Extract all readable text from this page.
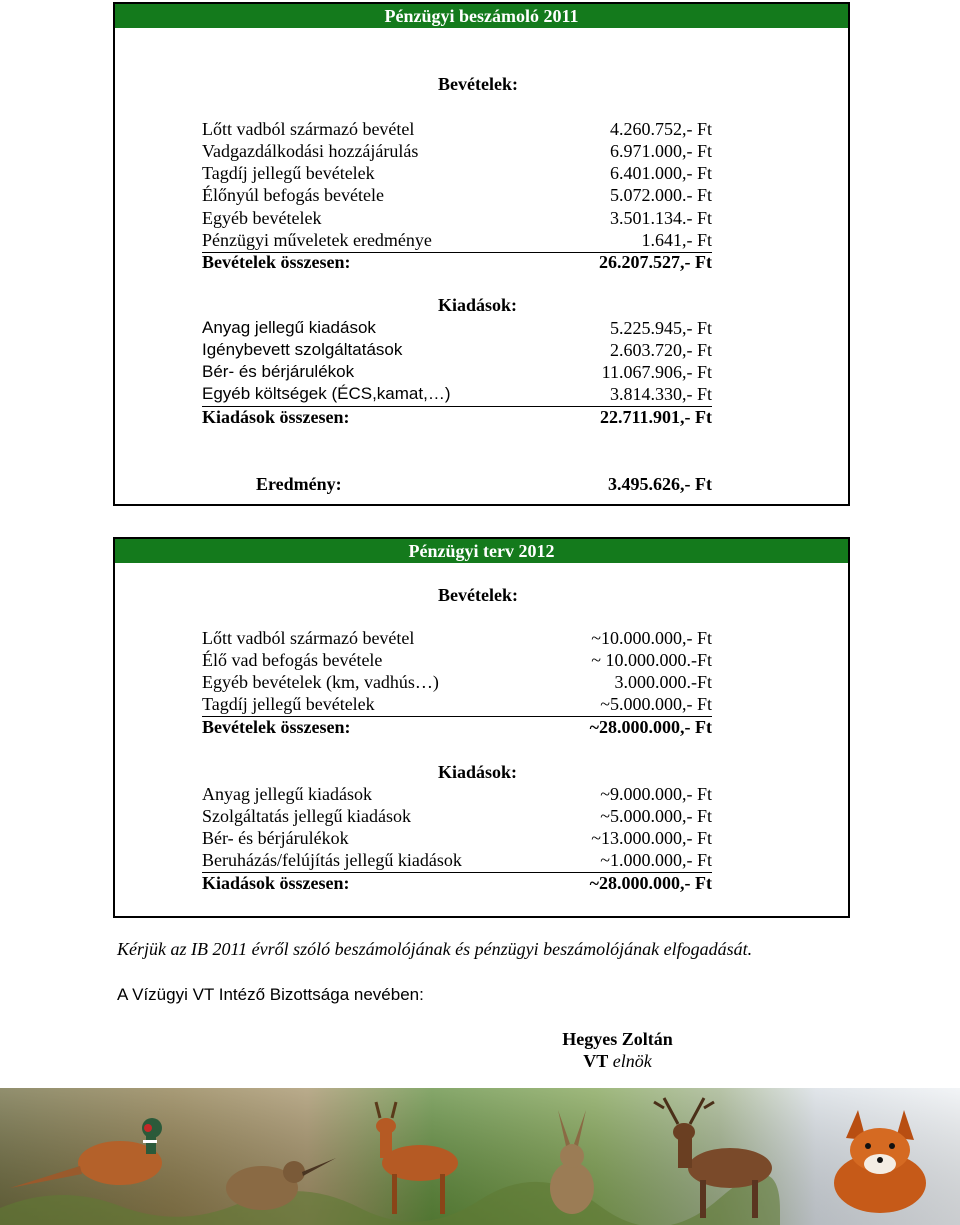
Pénzügyi beszámoló 2011
Bevételek:
Lőtt vadból származó bevétel	4.260.752,- Ft
Vadgazdálkodási hozzájárulás	6.971.000,- Ft
Tagdíj jellegű bevételek	6.401.000,- Ft
Élőnyúl befogás bevétele	5.072.000.- Ft
Egyéb bevételek	3.501.134.- Ft
Pénzügyi műveletek eredménye	1.641,- Ft
Bevételek összesen:	26.207.527,- Ft
Kiadások:
Anyag jellegű kiadások	5.225.945,- Ft
Igénybevett szolgáltatások	2.603.720,- Ft
Bér- és bérjárulékok	11.067.906,- Ft
Egyéb költségek (ÉCS,kamat,…)	3.814.330,- Ft
Kiadások összesen:	22.711.901,- Ft
Eredmény:	3.495.626,- Ft
Pénzügyi terv 2012
Bevételek:
Lőtt vadból származó bevétel	~10.000.000,- Ft
Élő vad befogás bevétele	~ 10.000.000.-Ft
Egyéb bevételek (km, vadhús…)	3.000.000.-Ft
Tagdíj jellegű bevételek	~5.000.000,- Ft
Bevételek összesen:	~28.000.000,- Ft
Kiadások:
Anyag jellegű kiadások	~9.000.000,- Ft
Szolgáltatás jellegű kiadások	~5.000.000,- Ft
Bér- és bérjárulékok	~13.000.000,- Ft
Beruházás/felújítás jellegű kiadások	~1.000.000,- Ft
Kiadások összesen:	~28.000.000,- Ft
Kérjük az IB 2011 évről szóló beszámolójának és pénzügyi beszámolójának elfogadását.
A Vízügyi VT Intéző Bizottsága nevében:
Hegyes Zoltán
VT elnök
